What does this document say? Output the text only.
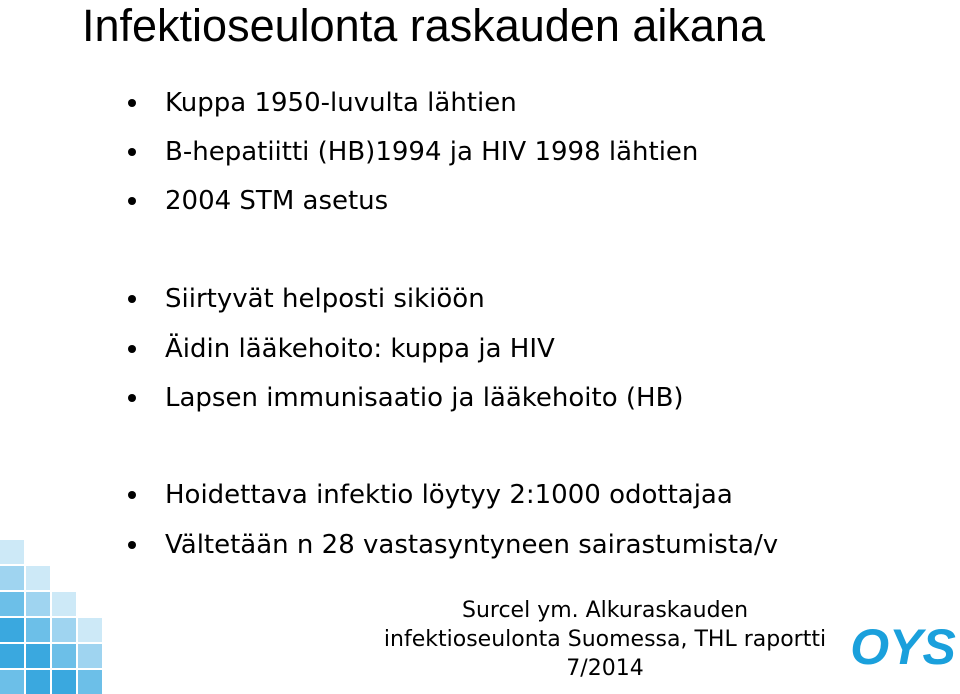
Infektioseulonta raskauden aikana
Kuppa 1950-luvulta lähtien
B-hepatiitti (HB)1994 ja HIV 1998 lähtien
2004 STM asetus
Siirtyvät helposti sikiöön
Äidin lääkehoito: kuppa ja HIV
Lapsen immunisaatio ja lääkehoito (HB)
Hoidettava infektio löytyy 2:1000 odottajaa
Vältetään n 28 vastasyntyneen sairastumista/v
Surcel ym. Alkuraskauden
infektioseulonta Suomessa, THL raportti
7/2014	OYS
